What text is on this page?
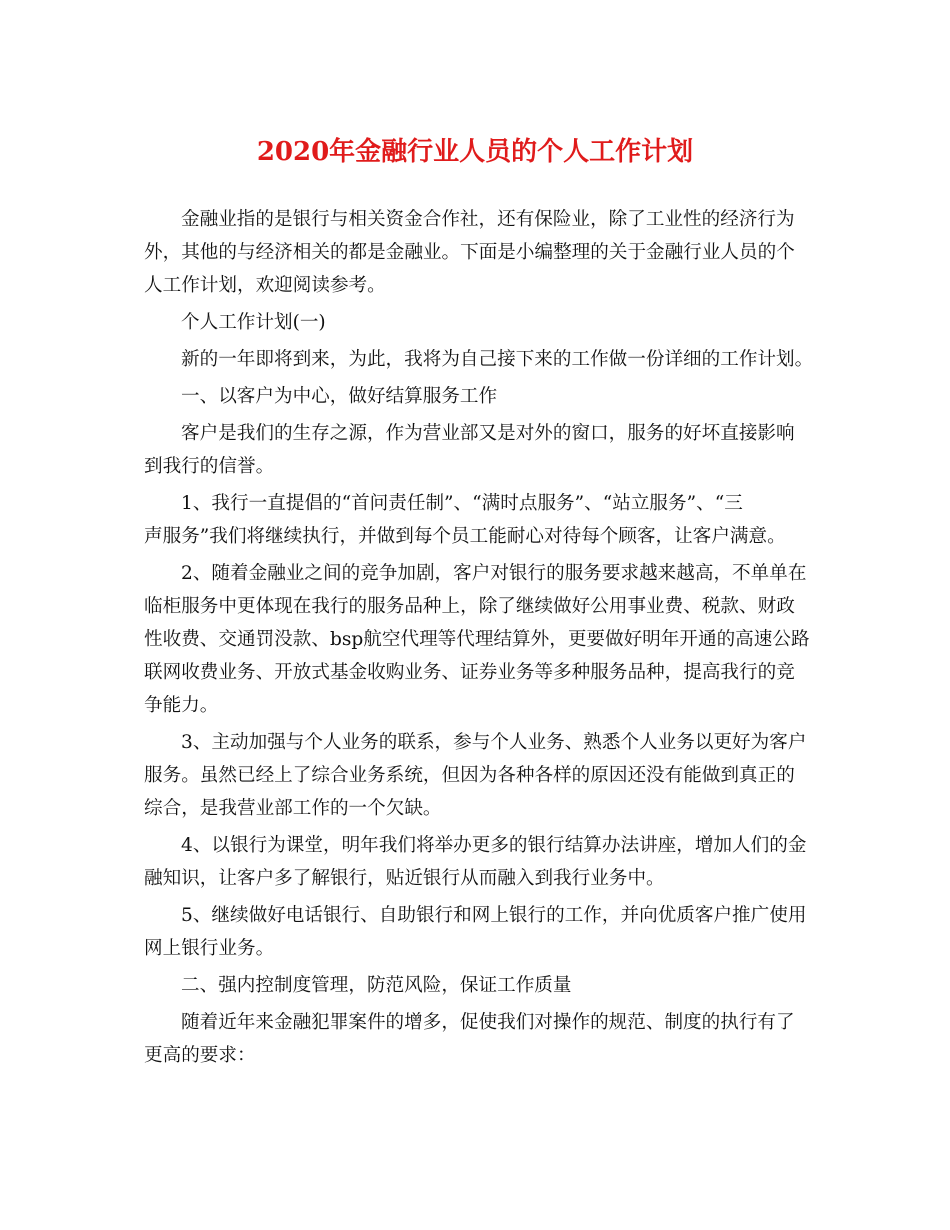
2020年金融行业人员的个人工作计划

金融业指的是银行与相关资金合作社，还有保险业，除了工业性的经济行为
外，其他的与经济相关的都是金融业。下面是小编整理的关于金融行业人员的个
人工作计划，欢迎阅读参考。

个人工作计划(一)

新的一年即将到来，为此，我将为自己接下来的工作做一份详细的工作计划。

一、以客户为中心，做好结算服务工作

客户是我们的生存之源，作为营业部又是对外的窗口，服务的好坏直接影响
到我行的信誉。

1、我行一直提倡的“首问责任制”、“满时点服务”、“站立服务”、“三
声服务”我们将继续执行，并做到每个员工能耐心对待每个顾客，让客户满意。

2、随着金融业之间的竞争加剧，客户对银行的服务要求越来越高，不单单在
临柜服务中更体现在我行的服务品种上，除了继续做好公用事业费、税款、财政
性收费、交通罚没款、bsp航空代理等代理结算外，更要做好明年开通的高速公路
联网收费业务、开放式基金收购业务、证券业务等多种服务品种，提高我行的竞
争能力。

3、主动加强与个人业务的联系，参与个人业务、熟悉个人业务以更好为客户
服务。虽然已经上了综合业务系统，但因为各种各样的原因还没有能做到真正的
综合，是我营业部工作的一个欠缺。

4、以银行为课堂，明年我们将举办更多的银行结算办法讲座，增加人们的金
融知识，让客户多了解银行，贴近银行从而融入到我行业务中。

5、继续做好电话银行、自助银行和网上银行的工作，并向优质客户推广使用
网上银行业务。

二、强内控制度管理，防范风险，保证工作质量

随着近年来金融犯罪案件的增多，促使我们对操作的规范、制度的执行有了
更高的要求：
